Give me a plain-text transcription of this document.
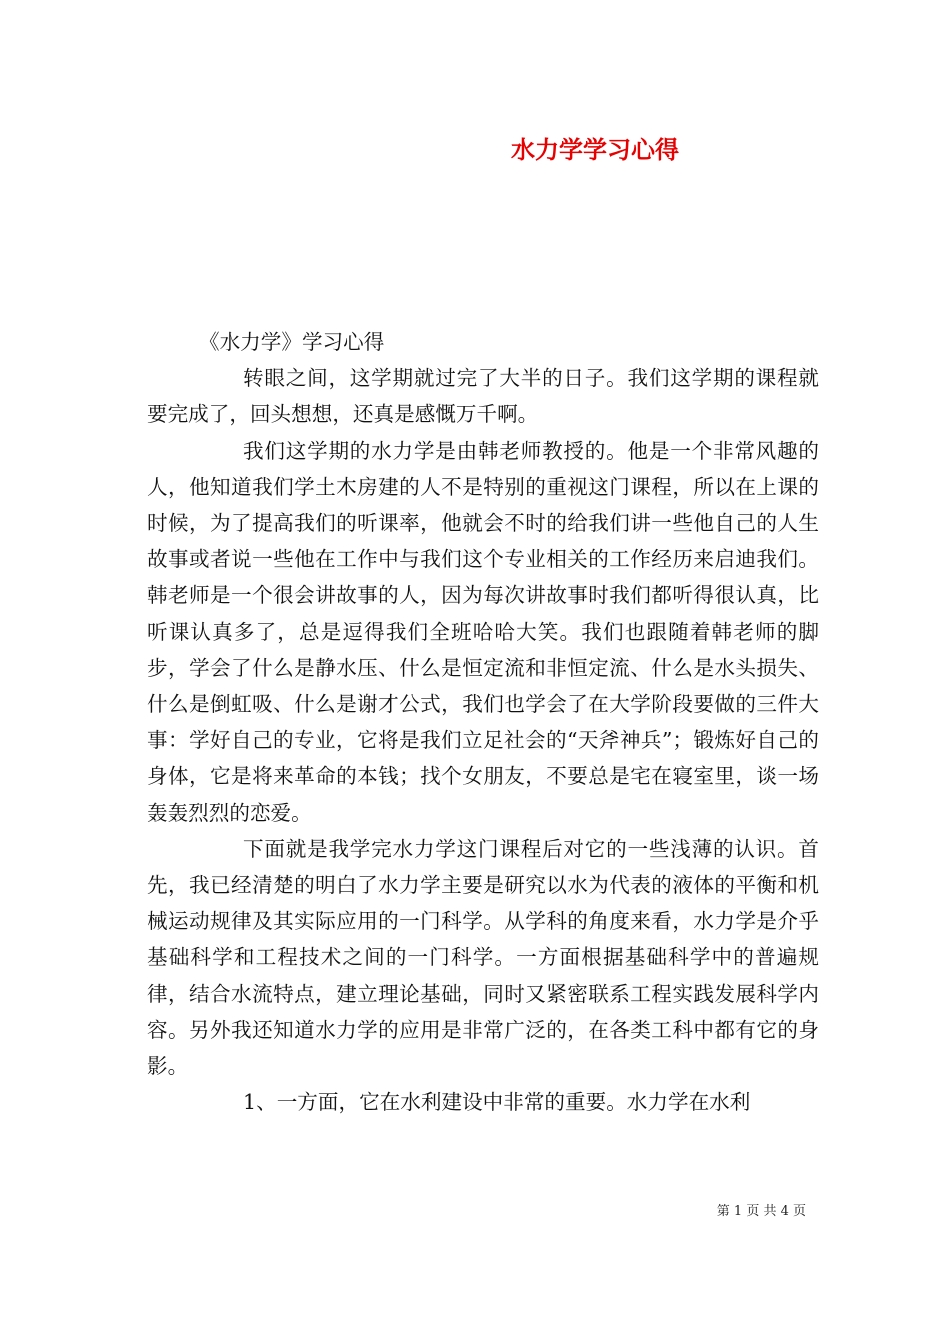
水力学学习心得

《水力学》学习心得

转眼之间，这学期就过完了大半的日子。我们这学期的课程就要完成了，回头想想，还真是感慨万千啊。

我们这学期的水力学是由韩老师教授的。他是一个非常风趣的人，他知道我们学土木房建的人不是特别的重视这门课程，所以在上课的时候，为了提高我们的听课率，他就会不时的给我们讲一些他自己的人生故事或者说一些他在工作中与我们这个专业相关的工作经历来启迪我们。韩老师是一个很会讲故事的人，因为每次讲故事时我们都听得很认真，比听课认真多了，总是逗得我们全班哈哈大笑。我们也跟随着韩老师的脚步，学会了什么是静水压、什么是恒定流和非恒定流、什么是水头损失、什么是倒虹吸、什么是谢才公式，我们也学会了在大学阶段要做的三件大事：学好自己的专业，它将是我们立足社会的“天斧神兵”；锻炼好自己的身体，它是将来革命的本钱；找个女朋友，不要总是宅在寝室里，谈一场轰轰烈烈的恋爱。

下面就是我学完水力学这门课程后对它的一些浅薄的认识。首先，我已经清楚的明白了水力学主要是研究以水为代表的液体的平衡和机械运动规律及其实际应用的一门科学。从学科的角度来看，水力学是介乎基础科学和工程技术之间的一门科学。一方面根据基础科学中的普遍规律，结合水流特点，建立理论基础，同时又紧密联系工程实践发展科学内容。另外我还知道水力学的应用是非常广泛的，在各类工科中都有它的身影。

1、一方面，它在水利建设中非常的重要。水力学在水利

第 1 页 共 4 页
